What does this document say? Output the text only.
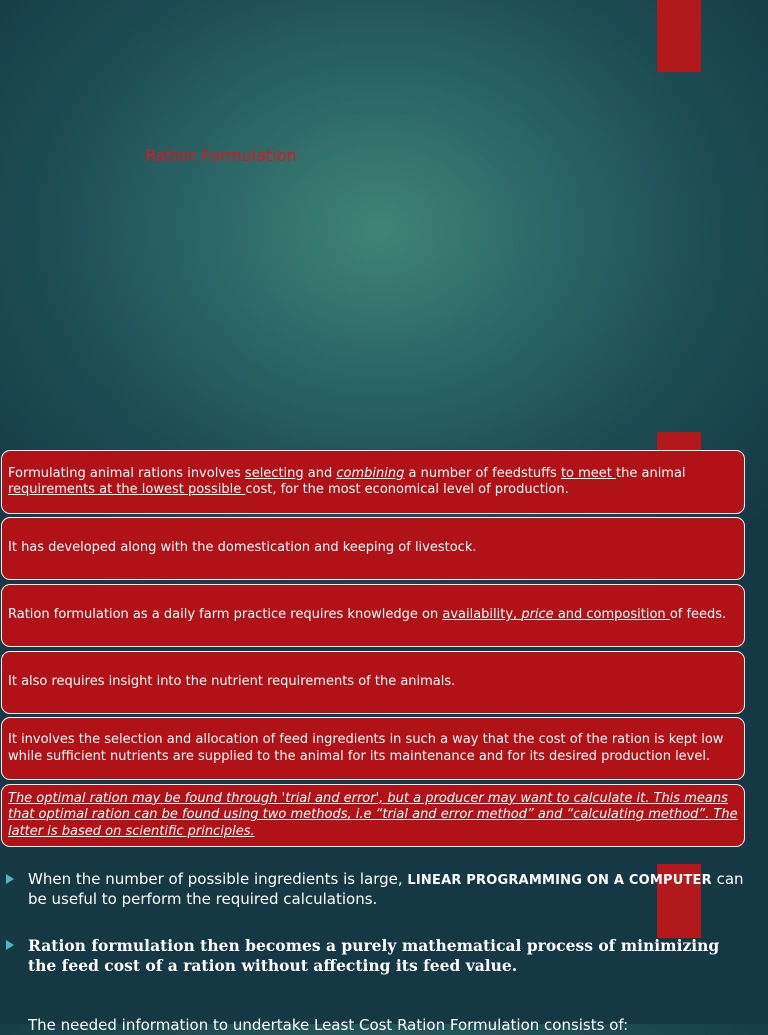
Ration Formulation
Formulating animal rations involves selecting and combining a number of feedstuffs to meet the animal requirements at the lowest possible cost, for the most economical level of production.
It has developed along with the domestication and keeping of livestock.
Ration formulation as a daily farm practice requires knowledge on availability, price and composition of feeds.
It also requires insight into the nutrient requirements of the animals.
It involves the selection and allocation of feed ingredients in such a way that the cost of the ration is kept low while sufficient nutrients are supplied to the animal for its maintenance and for its desired production level.
The optimal ration may be found through 'trial and error', but a producer may want to calculate it. This means that optimal ration can be found using two methods, i.e “trial and error method” and “calculating method”. The latter is based on scientific principles.
When the number of possible ingredients is large, LINEAR PROGRAMMING ON A COMPUTER can be useful to perform the required calculations.
Ration formulation then becomes a purely mathematical process of minimizing the feed cost of a ration without affecting its feed value.
The needed information to undertake Least Cost Ration Formulation consists of:
